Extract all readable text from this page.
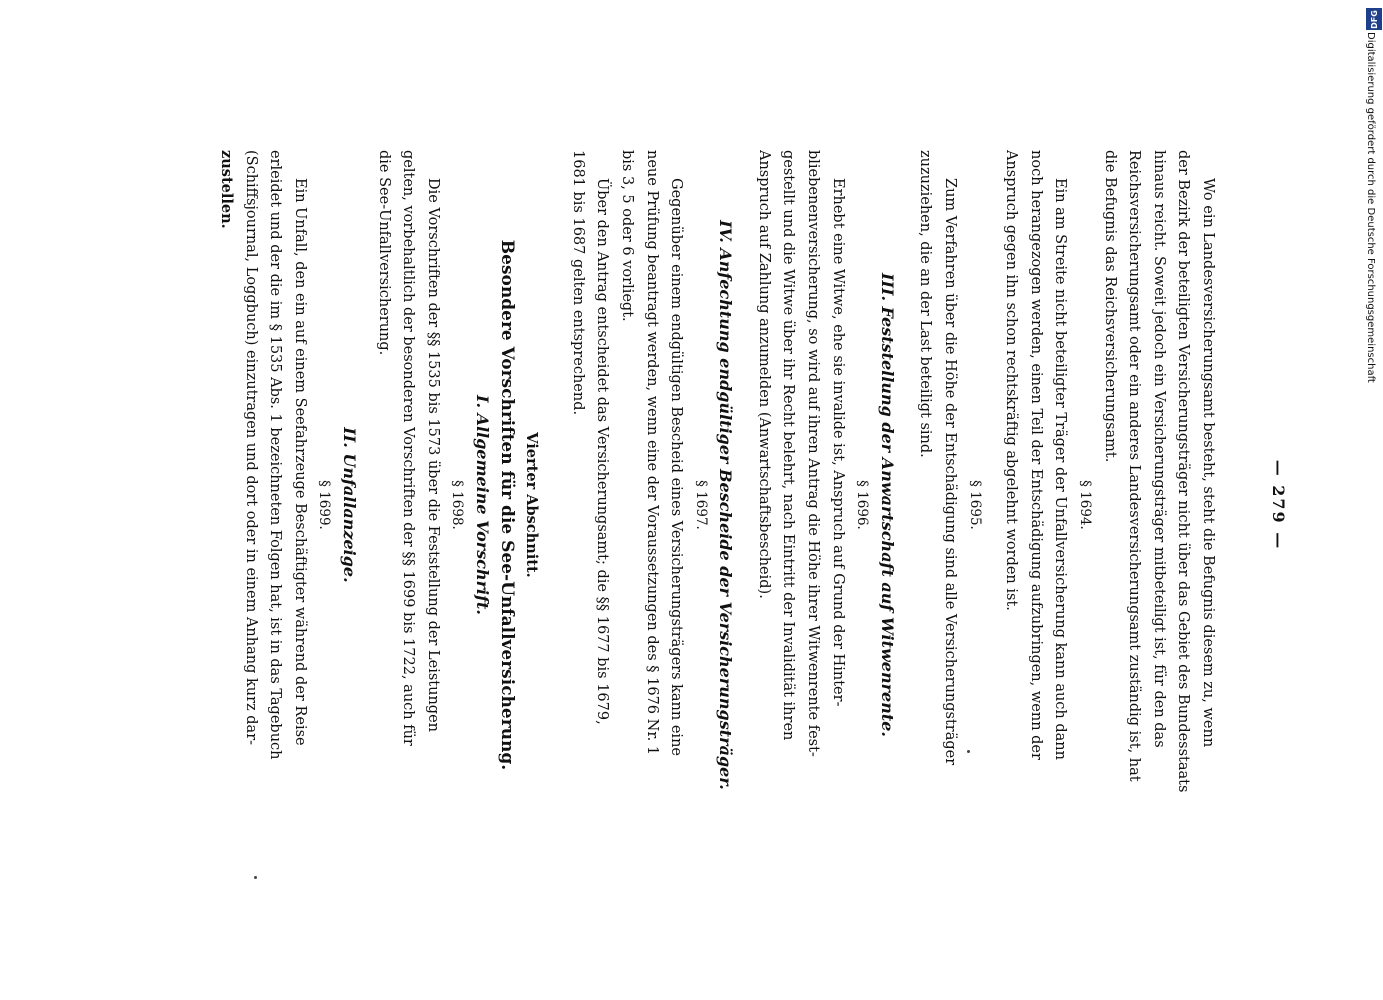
— 279 —

Wo ein Landesversicherungsamt besteht, steht die Befugnis diesem zu, wenn
der Bezirk der beteiligten Versicherungsträger nicht über das Gebiet des Bundesstaats
hinaus reicht. Soweit jedoch ein Versicherungsträger mitbeteiligt ist, für den das
Reichsversicherungsamt oder ein anderes Landesversicherungsamt zuständig ist, hat
die Befugnis das Reichsversicherungsamt.

§ 1694.

Ein am Streite nicht beteiligter Träger der Unfallversicherung kann auch dann
noch herangezogen werden, einen Teil der Entschädigung aufzubringen, wenn der
Anspruch gegen ihn schon rechtskräftig abgelehnt worden ist.

§ 1695.

Zum Verfahren über die Höhe der Entschädigung sind alle Versicherungsträger
zuzuziehen, die an der Last beteiligt sind.

III. Feststellung der Anwartschaft auf Witwenrente.
§ 1696.

Erhebt eine Witwe, ehe sie invalide ist, Anspruch auf Grund der Hinter-
bliebenenversicherung, so wird auf ihren Antrag die Höhe ihrer Witwenrente fest-
gestellt und die Witwe über ihr Recht belehrt, nach Eintritt der Invalidität ihren
Anspruch auf Zahlung anzumelden (Anwartschaftsbescheid).

IV. Anfechtung endgültiger Bescheide der Versicherungsträger.
§ 1697.

Gegenüber einem endgültigen Bescheid eines Versicherungsträgers kann eine
neue Prüfung beantragt werden, wenn eine der Voraussetzungen des § 1676 Nr. 1
bis 3, 5 oder 6 vorliegt.
Über den Antrag entscheidet das Versicherungsamt; die §§ 1677 bis 1679,
1681 bis 1687 gelten entsprechend.

Vierter Abschnitt.
Besondere Vorschriften für die See-Unfallversicherung.
I. Allgemeine Vorschrift.
§ 1698.

Die Vorschriften der §§ 1535 bis 1573 über die Feststellung der Leistungen
gelten, vorbehaltlich der besonderen Vorschriften der §§ 1699 bis 1722, auch für
die See-Unfallversicherung.

II. Unfallanzeige.
§ 1699.

Ein Unfall, den ein auf einem Seefahrzeuge Beschäftigter während der Reise
erleidet und der die im § 1535 Abs. 1 bezeichneten Folgen hat, ist in das Tagebuch
(Schiffsjournal, Loggbuch) einzutragen und dort oder in einem Anhang kurz dar-
zustellen.

DFG
Digitalisierung gefördert durch die Deutsche Forschungsgemeinschaft
